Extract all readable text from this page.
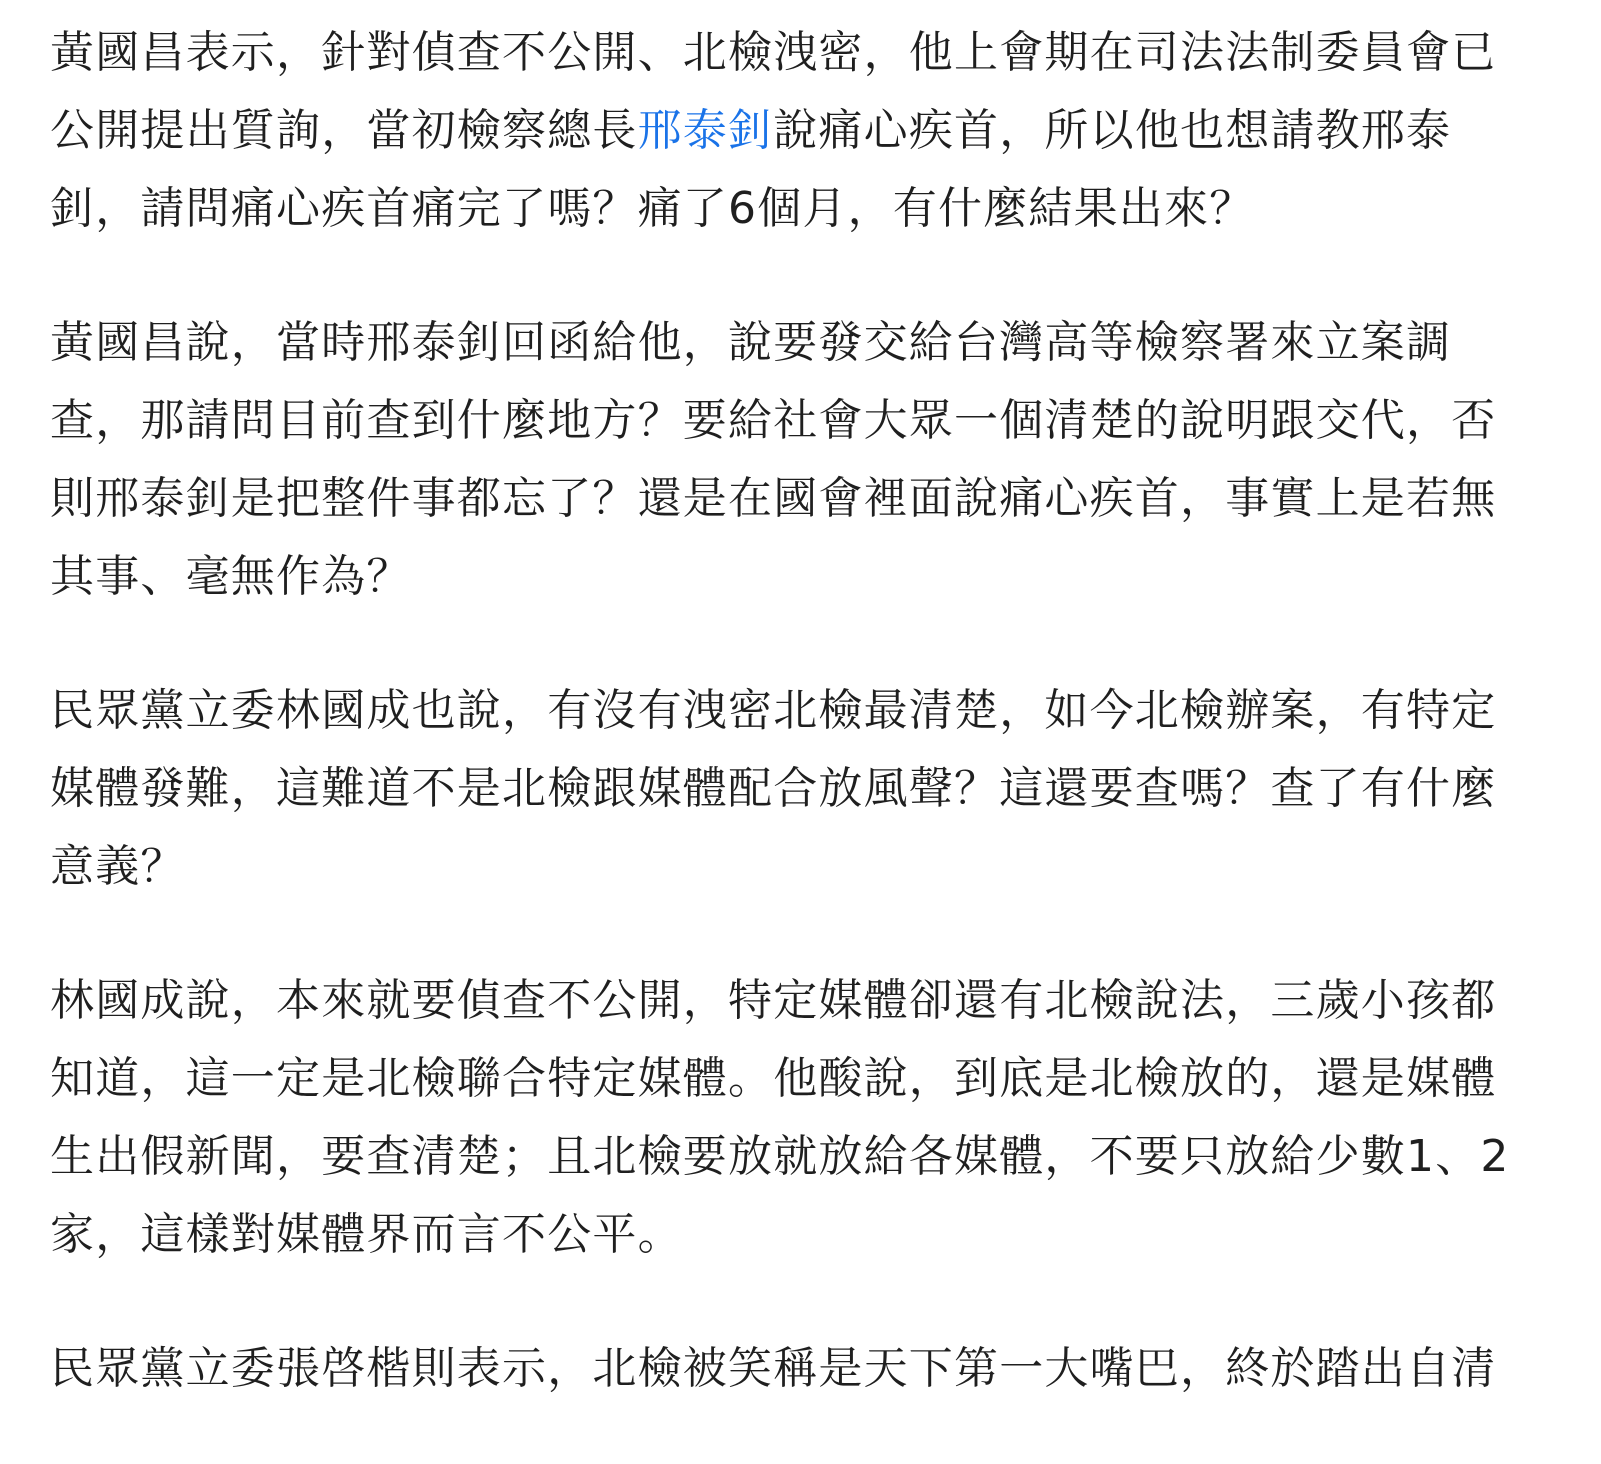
黃國昌表示，針對偵查不公開、北檢洩密，他上會期在司法法制委員會已公開提出質詢，當初檢察總長邢泰釗說痛心疾首，所以他也想請教邢泰釗，請問痛心疾首痛完了嗎？痛了6個月，有什麼結果出來？

黃國昌說，當時邢泰釗回函給他，說要發交給台灣高等檢察署來立案調查，那請問目前查到什麼地方？要給社會大眾一個清楚的說明跟交代，否則邢泰釗是把整件事都忘了？還是在國會裡面說痛心疾首，事實上是若無其事、毫無作為？

民眾黨立委林國成也說，有沒有洩密北檢最清楚，如今北檢辦案，有特定媒體發難，這難道不是北檢跟媒體配合放風聲？這還要查嗎？查了有什麼意義？

林國成說，本來就要偵查不公開，特定媒體卻還有北檢說法，三歲小孩都知道，這一定是北檢聯合特定媒體。他酸說，到底是北檢放的，還是媒體生出假新聞，要查清楚；且北檢要放就放給各媒體，不要只放給少數1、2家，這樣對媒體界而言不公平。

民眾黨立委張啓楷則表示，北檢被笑稱是天下第一大嘴巴，終於踏出自清
